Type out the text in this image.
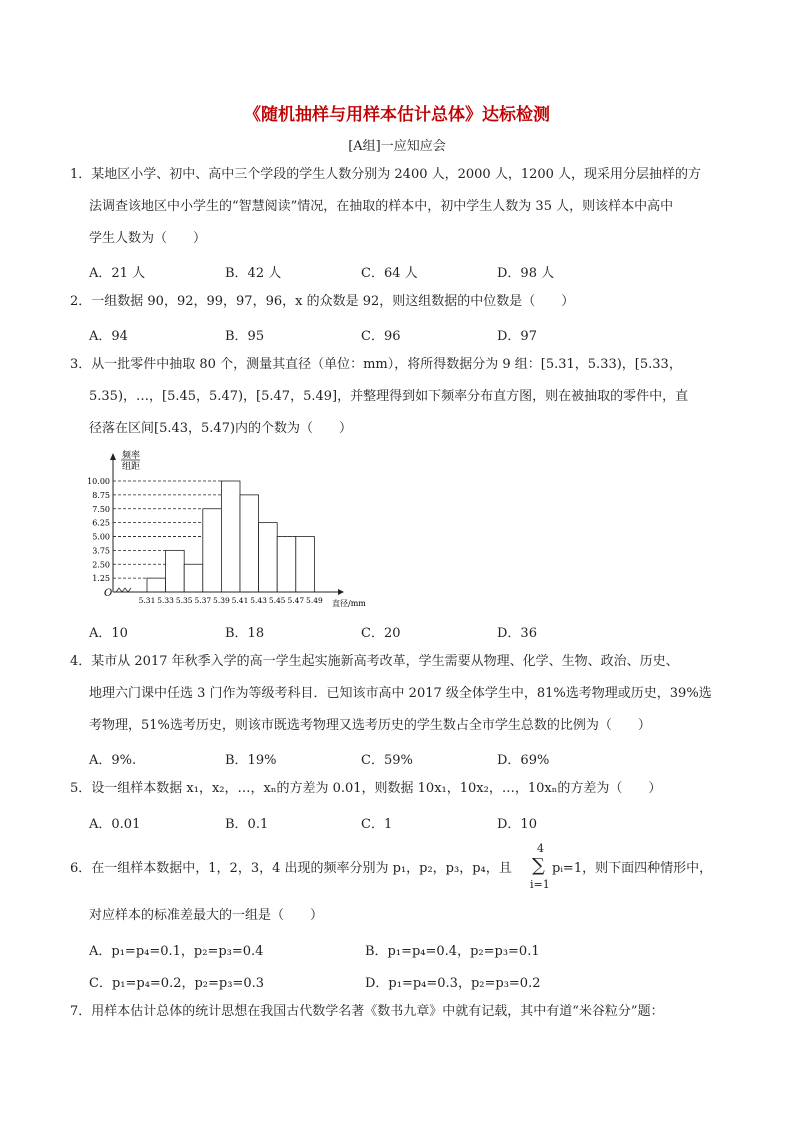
《随机抽样与用样本估计总体》达标检测
[A组]一应知应会
1．某地区小学、初中、高中三个学段的学生人数分别为 2400 人，2000 人，1200 人，现采用分层抽样的方
法调查该地区中小学生的“智慧阅读”情况，在抽取的样本中，初中学生人数为 35 人，则该样本中高中
学生人数为（　　）
A．21 人	B．42 人	C．64 人	D．98 人
2．一组数据 90，92，99，97，96，x 的众数是 92，则这组数据的中位数是（　　）
A．94	B．95	C．96	D．97
3．从一批零件中抽取 80 个，测量其直径（单位：mm），将所得数据分为 9 组：[5.31，5.33)，[5.33，
5.35)，…，[5.45，5.47)，[5.47，5.49]，并整理得到如下频率分布直方图，则在被抽取的零件中，直
径落在区间[5.43，5.47)内的个数为（　　）
频率
组距
O
直径/mm
1.25
2.50
3.75
5.00
6.25
7.50
8.75
10.00
5.31 5.33 5.35 5.37 5.39 5.41 5.43 5.45 5.47 5.49
A．10	B．18	C．20	D．36
4．某市从 2017 年秋季入学的高一学生起实施新高考改革，学生需要从物理、化学、生物、政治、历史、
地理六门课中任选 3 门作为等级考科目．已知该市高中 2017 级全体学生中，81%选考物理或历史，39%选
考物理，51%选考历史，则该市既选考物理又选考历史的学生数占全市学生总数的比例为（　　）
A．9%.	B．19%	C．59%	D．69%
5．设一组样本数据 x₁，x₂，…，xₙ的方差为 0.01，则数据 10x₁，10x₂，…，10xₙ的方差为（　　）
A．0.01	B．0.1	C．1	D．10
6．在一组样本数据中，1，2，3，4 出现的频率分别为 p₁，p₂，p₃，p₄，且
4
∑
i=1
pᵢ=1，则下面四种情形中，
对应样本的标准差最大的一组是（　　）
A．p₁=p₄=0.1，p₂=p₃=0.4	B．p₁=p₄=0.4，p₂=p₃=0.1
C．p₁=p₄=0.2，p₂=p₃=0.3	D．p₁=p₄=0.3，p₂=p₃=0.2
7．用样本估计总体的统计思想在我国古代数学名著《数书九章》中就有记载，其中有道“米谷粒分”题：
